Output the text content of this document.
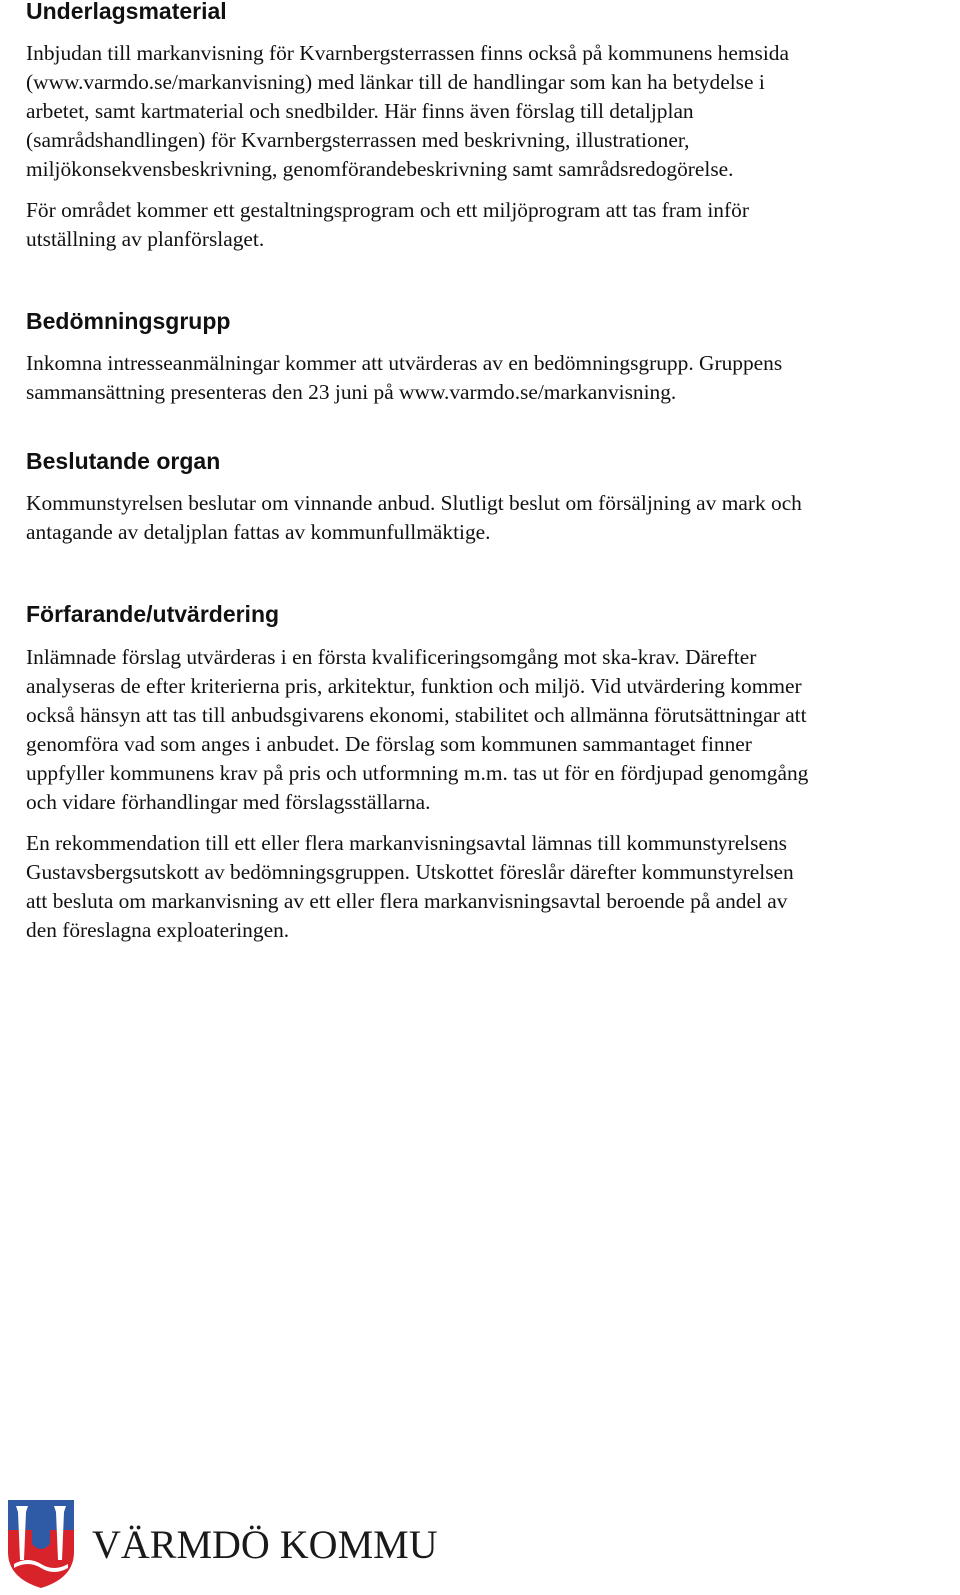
Underlagsmaterial

Inbjudan till markanvisning för Kvarnbergsterrassen finns också på kommunens hemsida
(www.varmdo.se/markanvisning) med länkar till de handlingar som kan ha betydelse i
arbetet, samt kartmaterial och snedbilder. Här finns även förslag till detaljplan
(samrådshandlingen) för Kvarnbergsterrassen med beskrivning, illustrationer,
miljökonsekvensbeskrivning, genomförandebeskrivning samt samrådsredogörelse.

För området kommer ett gestaltningsprogram och ett miljöprogram att tas fram inför
utställning av planförslaget.

Bedömningsgrupp

Inkomna intresseanmälningar kommer att utvärderas av en bedömningsgrupp. Gruppens
sammansättning presenteras den 23 juni på www.varmdo.se/markanvisning.

Beslutande organ

Kommunstyrelsen beslutar om vinnande anbud. Slutligt beslut om försäljning av mark och
antagande av detaljplan fattas av kommunfullmäktige.

Förfarande/utvärdering

Inlämnade förslag utvärderas i en första kvalificeringsomgång mot ska-krav. Därefter
analyseras de efter kriterierna pris, arkitektur, funktion och miljö. Vid utvärdering kommer
också hänsyn att tas till anbudsgivarens ekonomi, stabilitet och allmänna förutsättningar att
genomföra vad som anges i anbudet. De förslag som kommunen sammantaget finner
uppfyller kommunens krav på pris och utformning m.m. tas ut för en fördjupad genomgång
och vidare förhandlingar med förslagsställarna.

En rekommendation till ett eller flera markanvisningsavtal lämnas till kommunstyrelsens
Gustavsbergsutskott av bedömningsgruppen. Utskottet föreslår därefter kommunstyrelsen
att besluta om markanvisning av ett eller flera markanvisningsavtal beroende på andel av
den föreslagna exploateringen.

VÄRMDÖ KOMMUN
